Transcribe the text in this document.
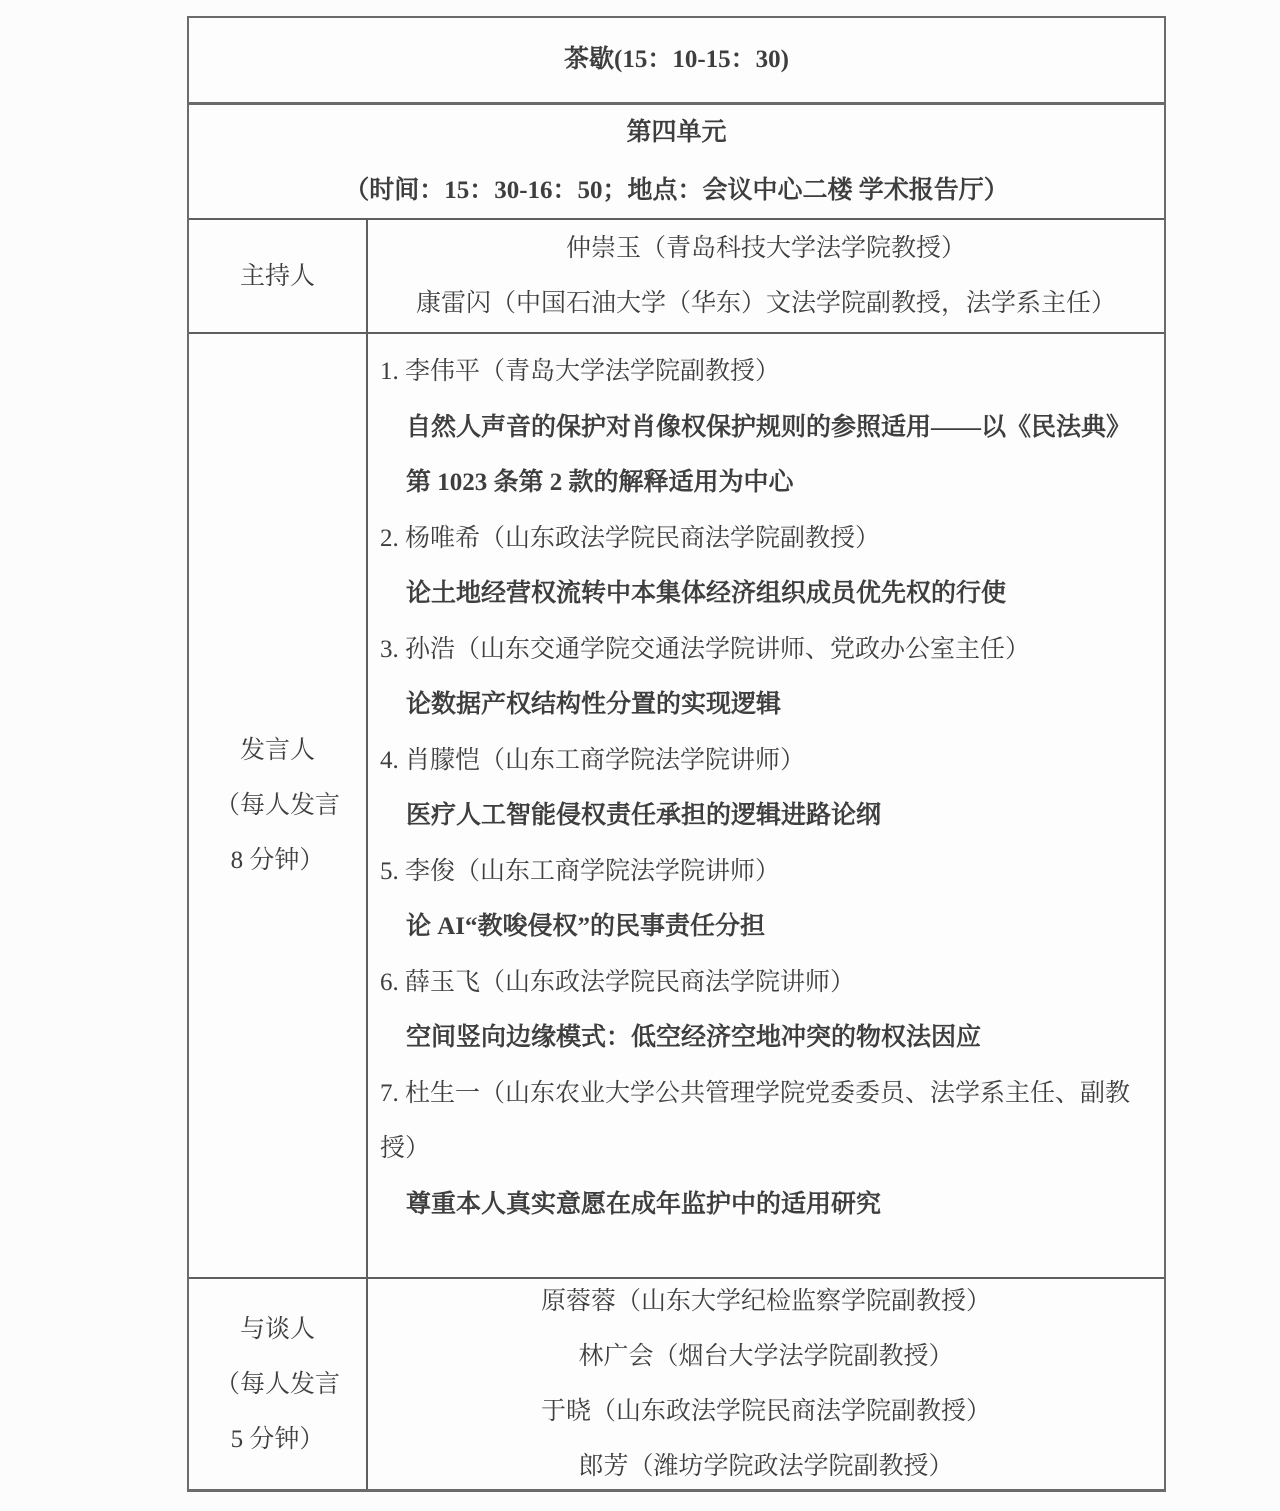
茶歇(15：10-15：30)
第四单元
（时间：15：30-16：50；地点：会议中心二楼 学术报告厅）
主持人
仲崇玉（青岛科技大学法学院教授）
康雷闪（中国石油大学（华东）文法学院副教授，法学系主任）
发言人
（每人发言
8 分钟）
1. 李伟平（青岛大学法学院副教授）
自然人声音的保护对肖像权保护规则的参照适用——以《民法典》第 1023 条第 2 款的解释适用为中心
2. 杨唯希（山东政法学院民商法学院副教授）
论土地经营权流转中本集体经济组织成员优先权的行使
3. 孙浩（山东交通学院交通法学院讲师、党政办公室主任）
论数据产权结构性分置的实现逻辑
4. 肖朦恺（山东工商学院法学院讲师）
医疗人工智能侵权责任承担的逻辑进路论纲
5. 李俊（山东工商学院法学院讲师）
论 AI“教唆侵权”的民事责任分担
6. 薛玉飞（山东政法学院民商法学院讲师）
空间竖向边缘模式：低空经济空地冲突的物权法因应
7. 杜生一（山东农业大学公共管理学院党委委员、法学系主任、副教授）
尊重本人真实意愿在成年监护中的适用研究
与谈人
（每人发言
5 分钟）
原蓉蓉（山东大学纪检监察学院副教授）
林广会（烟台大学法学院副教授）
于晓（山东政法学院民商法学院副教授）
郎芳（潍坊学院政法学院副教授）
